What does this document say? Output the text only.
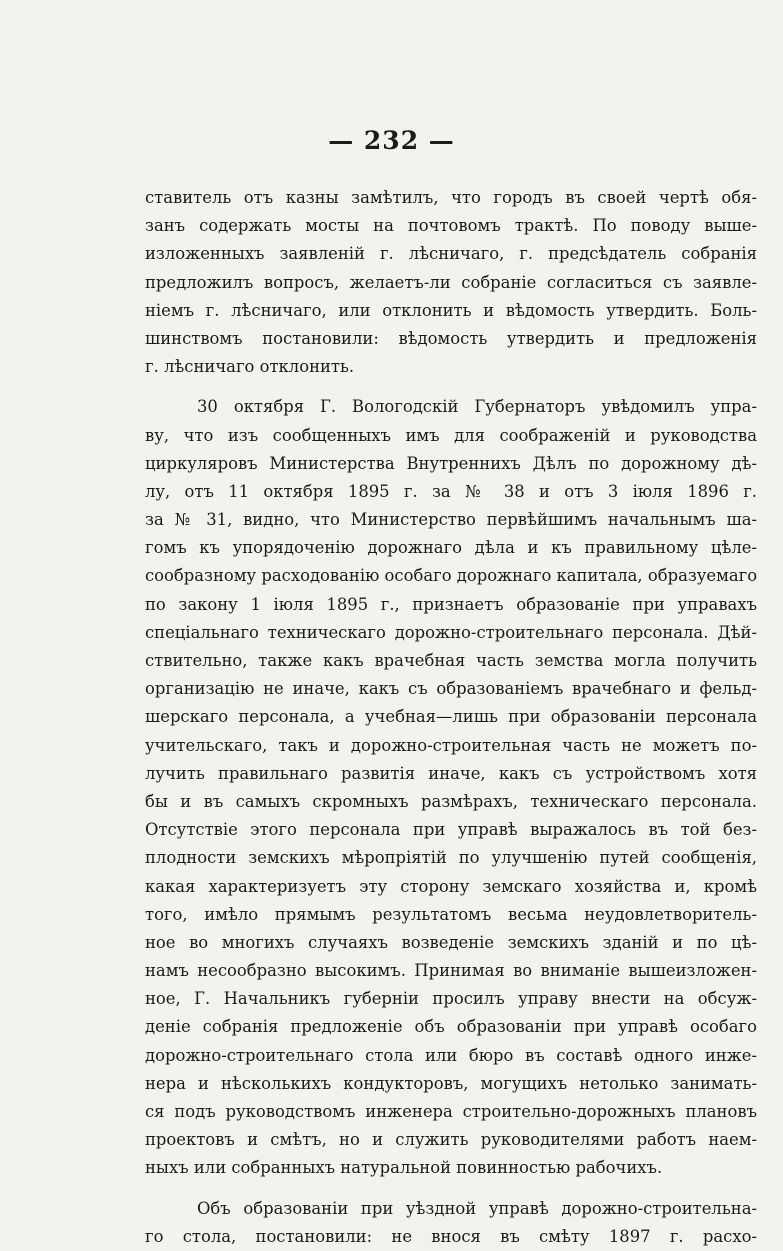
— 232 —
ставитель отъ казны замѣтилъ, что городъ въ своей чертѣ обя-
занъ содержать мосты на почтовомъ трактѣ. По поводу выше-
изложенныхъ заявленій г. лѣсничаго, г. предсѣдатель собранія
предложилъ вопросъ, желаетъ-ли собраніе согласиться съ заявле-
ніемъ г. лѣсничаго, или отклонить и вѣдомость утвердить. Боль-
шинствомъ постановили: вѣдомость утвердить и предложенія
г. лѣсничаго отклонить.
30 октября Г. Вологодскій Губернаторъ увѣдомилъ упра-
ву, что изъ сообщенныхъ имъ для соображеній и руководства
циркуляровъ Министерства Внутреннихъ Дѣлъ по дорожному дѣ-
лу, отъ 11 октября 1895 г. за № 38 и отъ 3 іюля 1896 г.
за № 31, видно, что Министерство первѣйшимъ начальнымъ ша-
гомъ къ упорядоченію дорожнаго дѣла и къ правильному цѣле-
сообразному расходованію особаго дорожнаго капитала, образуемаго
по закону 1 іюля 1895 г., признаетъ образованіе при управахъ
спеціальнаго техническаго дорожно-строительнаго персонала. Дѣй-
ствительно, также какъ врачебная часть земства могла получить
организацію не иначе, какъ съ образованіемъ врачебнаго и фельд-
шерскаго персонала, а учебная—лишь при образованіи персонала
учительскаго, такъ и дорожно-строительная часть не можетъ по-
лучить правильнаго развитія иначе, какъ съ устройствомъ хотя
бы и въ самыхъ скромныхъ размѣрахъ, техническаго персонала.
Отсутствіе этого персонала при управѣ выражалось въ той без-
плодности земскихъ мѣропріятій по улучшенію путей сообщенія,
какая характеризуетъ эту сторону земскаго хозяйства и, кромѣ
того, имѣло прямымъ результатомъ весьма неудовлетворитель-
ное во многихъ случаяхъ возведеніе земскихъ зданій и по цѣ-
намъ несообразно высокимъ. Принимая во вниманіе вышеизложен-
ное, Г. Начальникъ губерніи просилъ управу внести на обсуж-
деніе собранія предложеніе объ образованіи при управѣ особаго
дорожно-строительнаго стола или бюро въ составѣ одного инже-
нера и нѣсколькихъ кондукторовъ, могущихъ нетолько занимать-
ся подъ руководствомъ инженера строительно-дорожныхъ плановъ
проектовъ и смѣтъ, но и служить руководителями работъ наем-
ныхъ или собранныхъ натуральной повинностью рабочихъ.
Объ образованіи при уѣздной управѣ дорожно-строительна-
го стола, постановили: не внося въ смѣту 1897 г. расхо-
